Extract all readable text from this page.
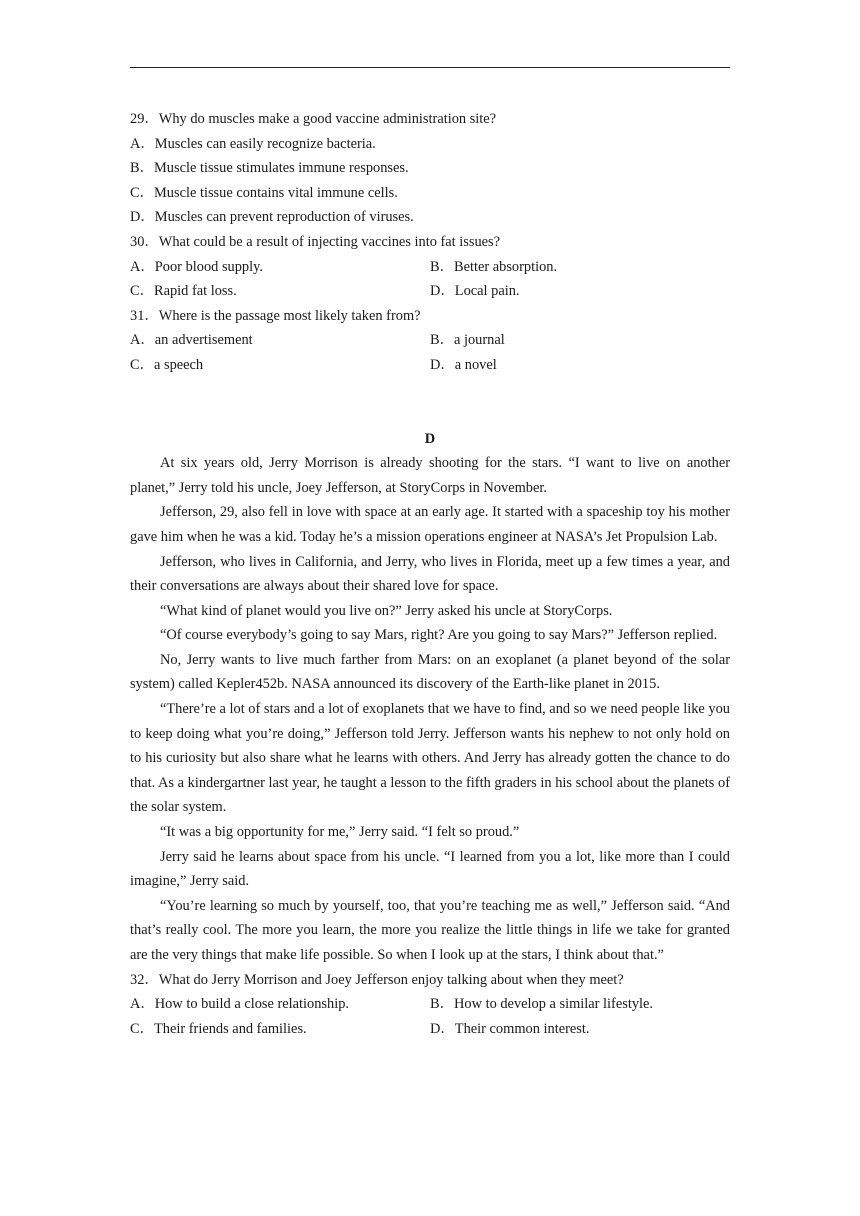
29．Why do muscles make a good vaccine administration site?
A．Muscles can easily recognize bacteria.
B．Muscle tissue stimulates immune responses.
C．Muscle tissue contains vital immune cells.
D．Muscles can prevent reproduction of viruses.
30．What could be a result of injecting vaccines into fat issues?
A．Poor blood supply.	B．Better absorption.
C．Rapid fat loss.	D．Local pain.
31．Where is the passage most likely taken from?
A．an advertisement	B．a journal
C．a speech	D．a novel
D

At six years old, Jerry Morrison is already shooting for the stars. “I want to live on another planet,” Jerry told his uncle, Joey Jefferson, at StoryCorps in November.

Jefferson, 29, also fell in love with space at an early age. It started with a spaceship toy his mother gave him when he was a kid. Today he’s a mission operations engineer at NASA’s Jet Propulsion Lab.

Jefferson, who lives in California, and Jerry, who lives in Florida, meet up a few times a year, and their conversations are always about their shared love for space.

“What kind of planet would you live on?” Jerry asked his uncle at StoryCorps.

“Of course everybody’s going to say Mars, right? Are you going to say Mars?” Jefferson replied.

No, Jerry wants to live much farther from Mars: on an exoplanet (a planet beyond of the solar system) called Kepler452b. NASA announced its discovery of the Earth-like planet in 2015.

“There’re a lot of stars and a lot of exoplanets that we have to find, and so we need people like you to keep doing what you’re doing,” Jefferson told Jerry. Jefferson wants his nephew to not only hold on to his curiosity but also share what he learns with others. And Jerry has already gotten the chance to do that. As a kindergartner last year, he taught a lesson to the fifth graders in his school about the planets of the solar system.

“It was a big opportunity for me,” Jerry said. “I felt so proud.”

Jerry said he learns about space from his uncle. “I learned from you a lot, like more than I could imagine,” Jerry said.

“You’re learning so much by yourself, too, that you’re teaching me as well,” Jefferson said. “And that’s really cool. The more you learn, the more you realize the little things in life we take for granted are the very things that make life possible. So when I look up at the stars, I think about that.”

32．What do Jerry Morrison and Joey Jefferson enjoy talking about when they meet?
A．How to build a close relationship.	B．How to develop a similar lifestyle.
C．Their friends and families.	D．Their common interest.
